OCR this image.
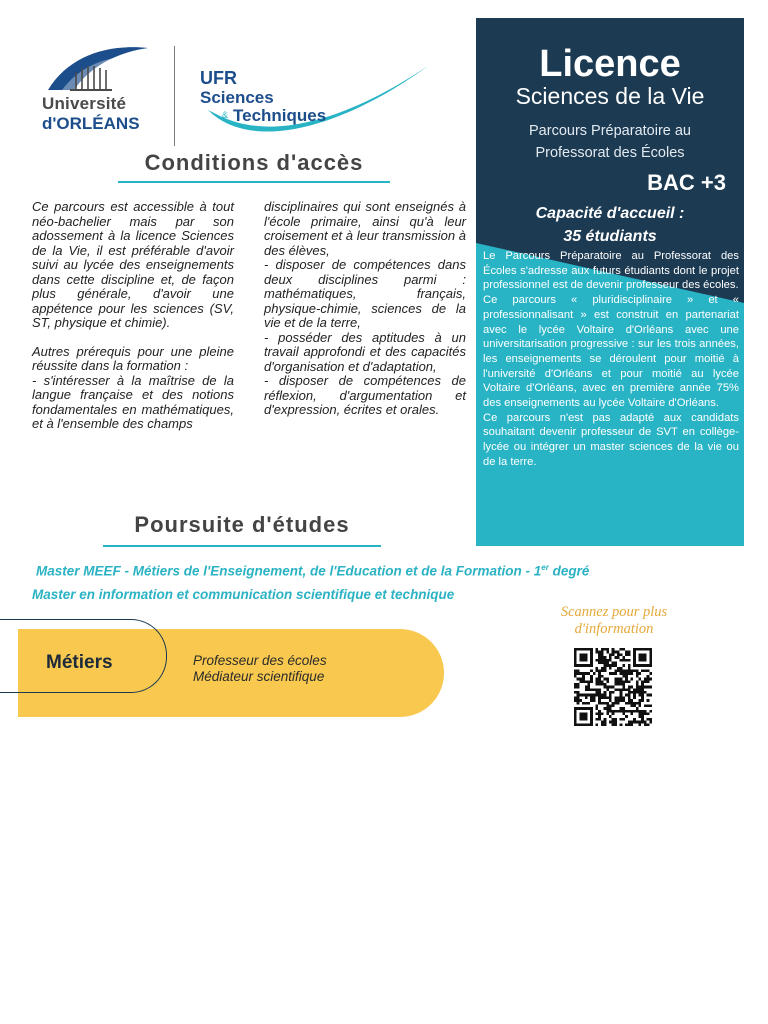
Université
d'ORLÉANS
UFR
Sciences
& Techniques
Licence
Sciences de la Vie
Parcours Préparatoire au
Professorat des Écoles
BAC +3
Capacité d'accueil :
35 étudiants

Le Parcours Préparatoire au Professorat des Écoles s'adresse aux futurs étudiants dont le projet professionnel est de devenir professeur des écoles.

Ce parcours « pluridisciplinaire » et « professionnalisant » est construit en partenariat avec le lycée Voltaire d'Orléans avec une universitarisation progressive : sur les trois années, les enseignements se déroulent pour moitié à l'université d'Orléans et pour moitié au lycée Voltaire d'Orléans, avec en première année 75% des enseignements au lycée Voltaire d'Orléans.

Ce parcours n'est pas adapté aux candidats souhaitant devenir professeur de SVT en collège-lycée ou intégrer un master sciences de la vie ou de la terre.

Conditions d'accès

Ce parcours est accessible à tout néo-bachelier mais par son adossement à la licence Sciences de la Vie, il est préférable d'avoir suivi au lycée des enseignements dans cette discipline et, de façon plus générale, d'avoir une appétence pour les sciences (SV, ST, physique et chimie).

Autres prérequis pour une pleine réussite dans la formation :

- s'intéresser à la maîtrise de la langue française et des notions fondamentales en mathématiques, et à l'ensemble des champs

disciplinaires qui sont enseignés à l'école primaire, ainsi qu'à leur croisement et à leur transmission à des élèves,

- disposer de compétences dans deux disciplines parmi : mathématiques, français, physique-chimie, sciences de la vie et de la terre,

- posséder des aptitudes à un travail approfondi et des capacités d'organisation et d'adaptation,

- disposer de compétences de réflexion, d'argumentation et d'expression, écrites et orales.

Poursuite d'études
Master MEEF - Métiers de l'Enseignement, de l'Education et de la Formation - 1er degré
Master en information et communication scientifique et technique
Métiers	Professeur des écoles
Médiateur scientifique
Scannez pour plus
d'information
